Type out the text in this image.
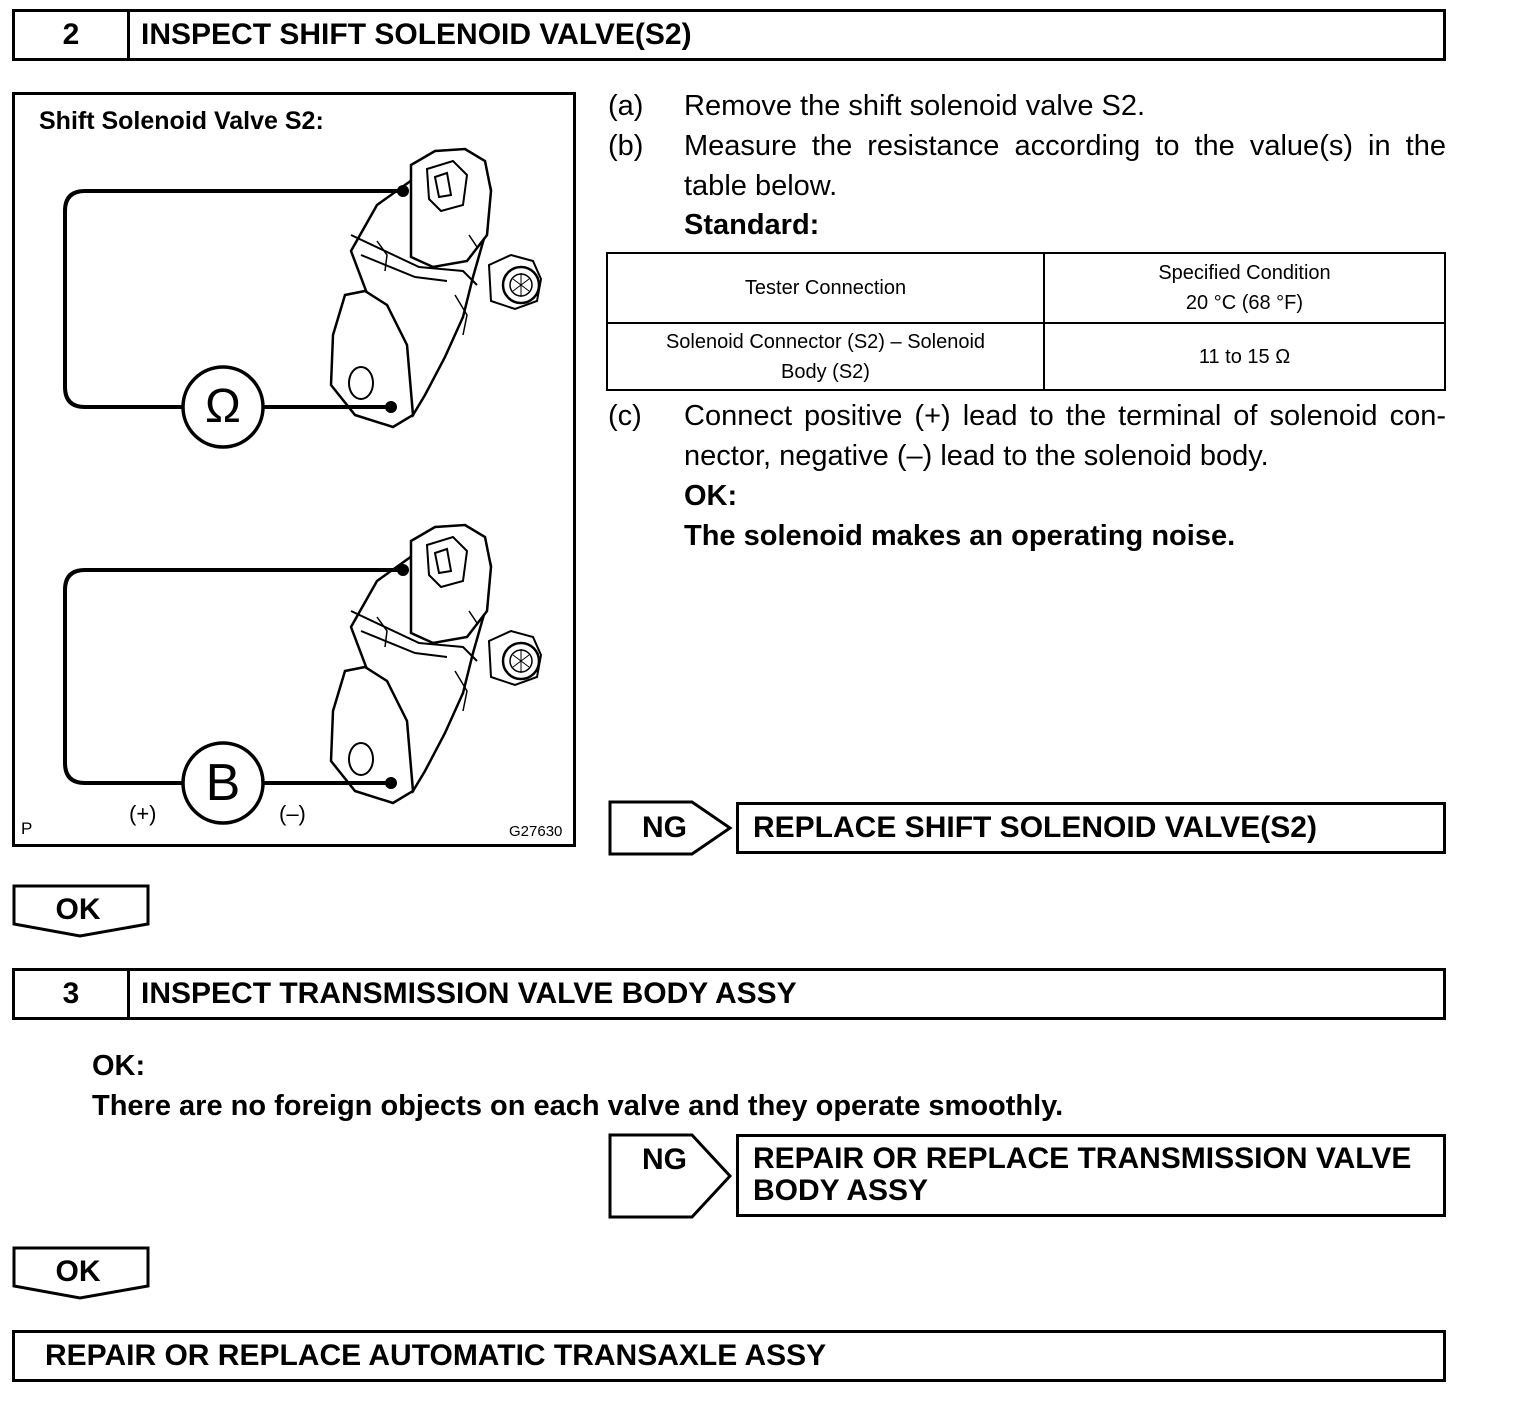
2	INSPECT SHIFT SOLENOID VALVE(S2)
Shift Solenoid Valve S2:
Ω
B
(+)	(–)
P	G27630
(a) Remove the shift solenoid valve S2.
(b) Measure the resistance according to the value(s) in the
table below.
Standard:
Tester Connection	Specified Condition
20 °C (68 °F)

Solenoid Connector (S2) – Solenoid
Body (S2)	11 to 15 Ω
(c) Connect positive (+) lead to the terminal of solenoid con-
nector, negative (–) lead to the solenoid body.
OK:
The solenoid makes an operating noise.
NG	REPLACE SHIFT SOLENOID VALVE(S2)
OK
3	INSPECT TRANSMISSION VALVE BODY ASSY
OK:
There are no foreign objects on each valve and they operate smoothly.
NG REPAIR OR REPLACE TRANSMISSION VALVE
BODY ASSY
OK
REPAIR OR REPLACE AUTOMATIC TRANSAXLE ASSY
